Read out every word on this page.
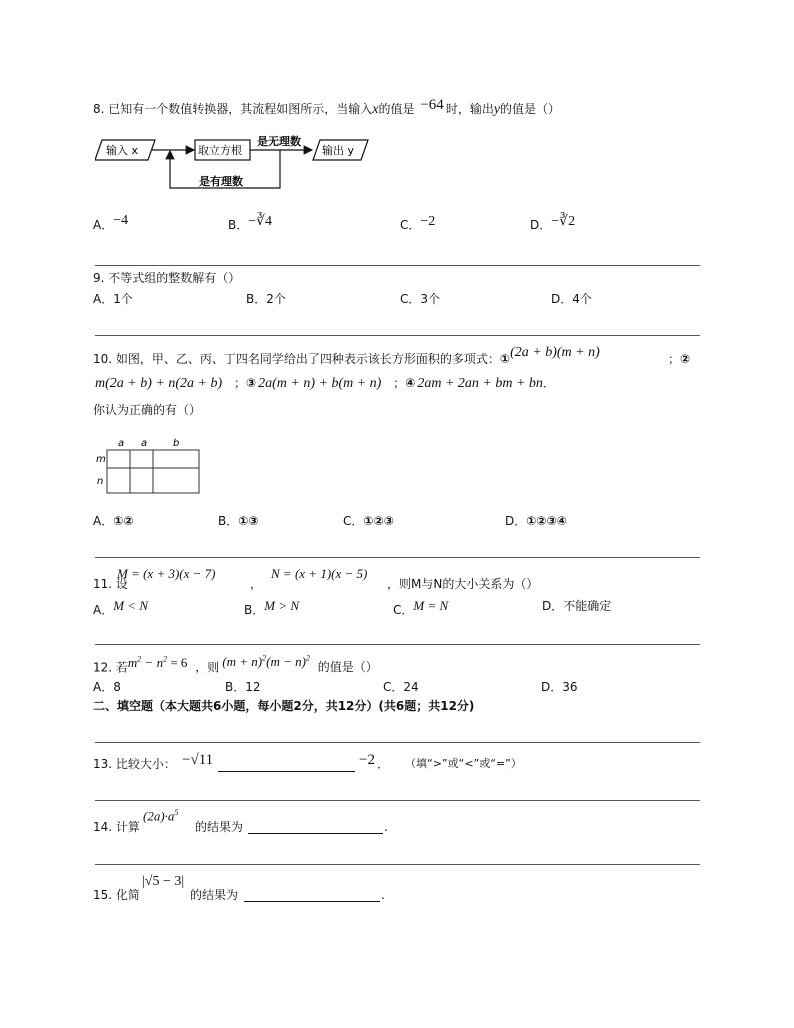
8. 已知有一个数值转换器，其流程如图所示，当输入x的值是 −64 时，输出y的值是（）
输入 x	取立方根
是无理数
输出 y
是有理数
A．−4	B．−∛4	C．−2	D．−∛2
9. 不等式组的整数解有（）
A．1个	B．2个	C．3个	D．4个
10. 如图，甲、乙、丙、丁四名同学给出了四种表示该长方形面积的多项式：①(2a + b)(m + n)	；②
m(2a + b) + n(2a + b) ；③ 2a(m + n) + b(m + n) ；④ 2am + 2an + bm + bn．
你认为正确的有（）
a a	b
m
n
A．①②	B．①③	C．①②③	D．①②③④
11. 设
M = (x + 3)(x − 7)
，
N = (x + 1)(x − 5)
，则M与N的大小关系为（）
A．M < N	B．M > N	C．M = N	D．不能确定
12. 若$m^2 - n^2 = 6$ ，则 $(m + n)^2(m - n)^2$ 的值是（）
A．8	B．12	C．24	D．36
二、填空题（本大题共6小题，每小题2分，共12分）(共6题；共12分)
13. 比较大小： −√11	−2 ． （填“>”或“<”或“=”）
14. 计算
$(2a)\cdot a^5$
的结果为	.
15. 化简
|√5 − 3|
的结果为	.
